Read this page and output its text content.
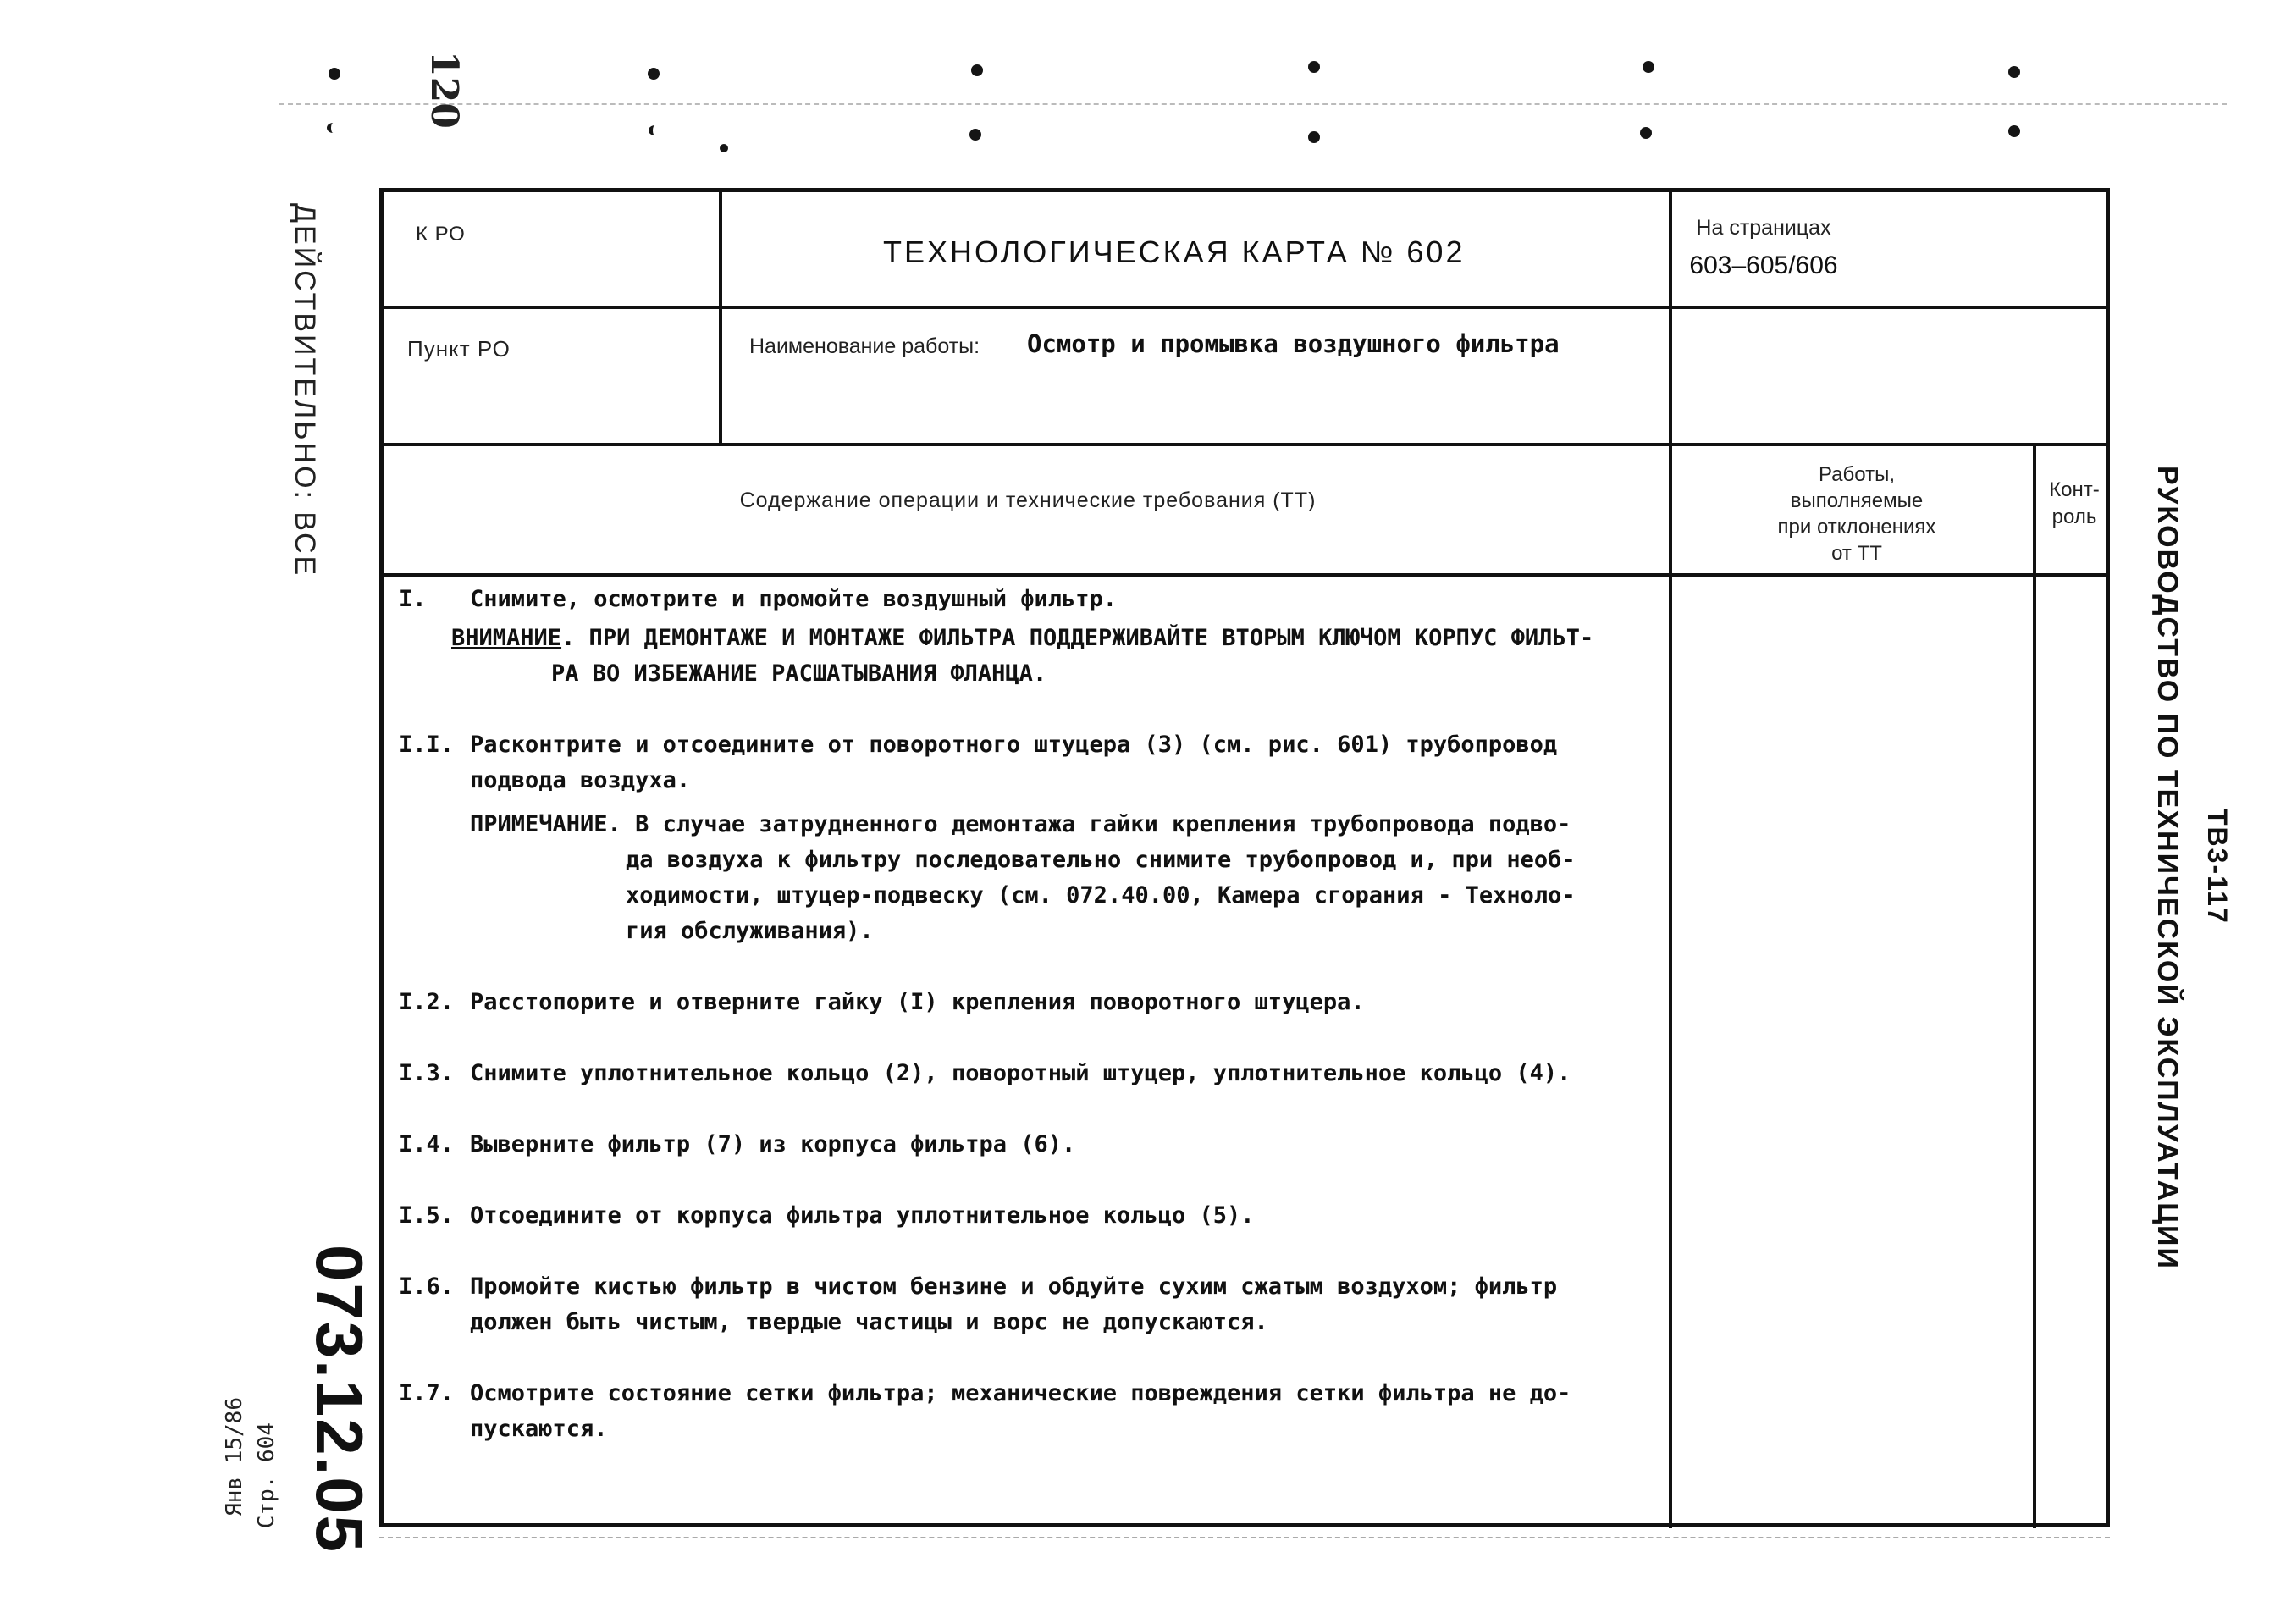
120
ДЕЙСТВИТЕЛЬНО: ВСЕ
073.12.05
Стр. 604
Янв 15/86
РУКОВОДСТВО ПО ТЕХНИЧЕСКОЙ ЭКСПЛУАТАЦИИ ТВ3-117
К РО
ТЕХНОЛОГИЧЕСКАЯ КАРТА № 602
На страницах
603–605/606
Пункт РО	Наименование работы: Осмотр и промывка воздушного фильтра
Содержание операции и технические требования (ТТ)
Работы,
выполняемые
при отклонениях
от ТТ
Конт-
роль

I. Снимите, осмотрите и промойте воздушный фильтр.

ВНИМАНИЕ. ПРИ ДЕМОНТАЖЕ И МОНТАЖЕ ФИЛЬТРА ПОДДЕРЖИВАЙТЕ ВТОРЫМ КЛЮЧОМ КОРПУС ФИЛЬТ-

РА ВО ИЗБЕЖАНИЕ РАСШАТЫВАНИЯ ФЛАНЦА.

I.I. Расконтрите и отсоедините от поворотного штуцера (3) (см. рис. 601) трубопровод

подвода воздуха.

ПРИМЕЧАНИЕ. В случае затрудненного демонтажа гайки крепления трубопровода подво-

да воздуха к фильтру последовательно снимите трубопровод и, при необ-

ходимости, штуцер-подвеску (см. 072.40.00, Камера сгорания - Техноло-

гия обслуживания).

I.2. Расстопорите и отверните гайку (I) крепления поворотного штуцера.

I.3. Снимите уплотнительное кольцо (2), поворотный штуцер, уплотнительное кольцо (4).

I.4. Выверните фильтр (7) из корпуса фильтра (6).

I.5. Отсоедините от корпуса фильтра уплотнительное кольцо (5).

I.6. Промойте кистью фильтр в чистом бензине и обдуйте сухим сжатым воздухом; фильтр

должен быть чистым, твердые частицы и ворс не допускаются.

I.7. Осмотрите состояние сетки фильтра; механические повреждения сетки фильтра не до-

пускаются.
